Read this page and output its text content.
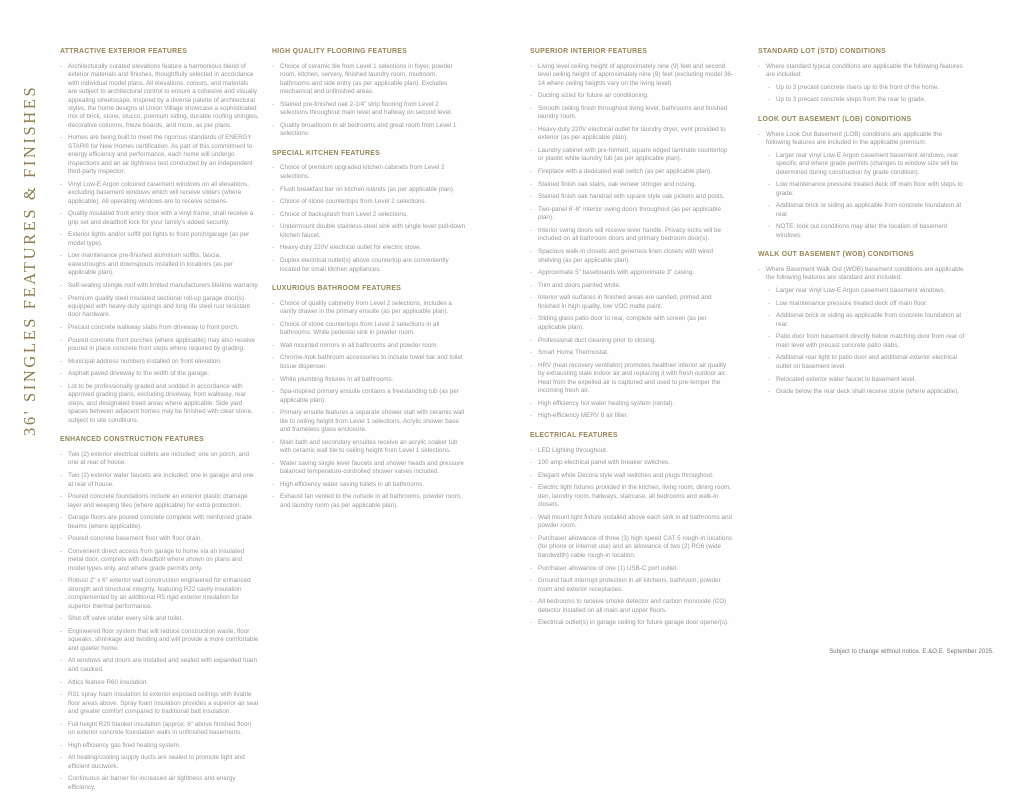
36' SINGLES FEATURES & FINISHES
ATTRACTIVE EXTERIOR FEATURES
- Architecturally curated elevations feature a harmonious blend of exterior materials and finishes, thoughtfully selected in accordance with individual model plans. All elevations, colours, and materials are subject to architectural control to ensure a cohesive and visually appealing streetscape. Inspired by a diverse palette of architectural styles, the home designs at Union Village showcase a sophisticated mix of brick, stone, stucco, premium siding, durable roofing shingles, decorative columns, frieze boards, and more, as per plans.
- Homes are being built to meet the rigorous standards of ENERGY STAR® for New Homes certification. As part of this commitment to energy efficiency and performance, each home will undergo inspections and an air tightness test conducted by an independent third-party inspector.
- Vinyl Low-E Argon coloured casement windows on all elevations, excluding basement windows which will receive sliders (where applicable). All operating windows are to receive screens.
- Quality insulated front entry door with a vinyl frame, shall receive a grip set and deadbolt lock for your family's added security.
- Exterior lights and/or soffit pot lights to front porch/garage (as per model type).
- Low maintenance pre-finished aluminum soffits, fascia, eavestroughs and downspouts installed in locations (as per applicable plan).
- Self-sealing shingle roof with limited manufacturers lifetime warranty.
- Premium quality steel insulated sectional roll-up garage door(s) equipped with heavy-duty springs and long life steel rust resistant door hardware.
- Precast concrete walkway slabs from driveway to front porch.
- Poured concrete front porches (where applicable) may also receive poured in place concrete front steps where required by grading.
- Municipal address numbers installed on front elevation.
- Asphalt paved driveway to the width of the garage.
- Lot to be professionally graded and sodded in accordance with approved grading plans, excluding driveway, front walkway, rear steps, and designated treed areas where applicable. Side yard spaces between adjacent homes may be finished with clear stone, subject to site conditions.
ENHANCED CONSTRUCTION FEATURES
- Two (2) exterior electrical outlets are included; one on porch, and one at rear of house.
- Two (2) exterior water faucets are included; one in garage and one at rear of house.
- Poured concrete foundations include an exterior plastic drainage layer and weeping tiles (where applicable) for extra protection.
- Garage floors are poured concrete complete with reinforced grade beams (where applicable).
- Poured concrete basement floor with floor drain.
- Convenient direct access from garage to home via an insulated metal door, complete with deadbolt where shown on plans and model types only, and where grade permits only.
- Robust 2" x 6" exterior wall construction engineered for enhanced strength and structural integrity, featuring R22 cavity insulation complemented by an additional R5 rigid exterior insulation for superior thermal performance.
- Shut off valve under every sink and toilet.
- Engineered floor system that will reduce construction waste, floor squeaks, shrinkage and twisting and will provide a more comfortable and quieter home.
- All windows and doors are installed and sealed with expanded foam and caulked.
- Attics feature R60 insulation.
- R31 spray foam insulation to exterior exposed ceilings with livable floor areas above. Spray foam insulation provides a superior air seal and greater comfort compared to traditional batt insulation.
- Full height R20 blanket insulation (approx. 6" above finished floor) on exterior concrete foundation walls in unfinished basements.
- High efficiency gas fired heating system.
- All heating/cooling supply ducts are sealed to promote tight and efficient ductwork.
- Continuous air barrier for increased air tightness and energy efficiency.
HIGH QUALITY FLOORING FEATURES
- Choice of ceramic tile from Level 1 selections in foyer, powder room, kitchen, servery, finished laundry room, mudroom, bathrooms and side entry (as per applicable plan). Excludes mechanical and unfinished areas.
- Stained pre-finished oak 2-1/4" strip flooring from Level 2 selections throughout main level and hallway on second level.
- Quality broadloom in all bedrooms and great room from Level 1 selections
SPECIAL KITCHEN FEATURES
- Choice of premium upgraded kitchen cabinets from Level 2 selections.
- Flush breakfast bar on kitchen islands (as per applicable plan).
- Choice of stone countertops from Level 2 selections.
- Choice of backsplash from Level 2 selections.
- Undermount double stainless-steel sink with single lever pull-down kitchen faucet.
- Heavy-duty 220V electrical outlet for electric stove.
- Duplex electrical outlet(s) above countertop are conveniently located for small kitchen appliances.
LUXURIOUS BATHROOM FEATURES
- Choice of quality cabinetry from Level 2 selections, includes a vanity drawer in the primary ensuite (as per applicable plan).
- Choice of stone countertops from Level 2 selections in all bathrooms. White pedestal sink in powder room.
- Wall mounted mirrors in all bathrooms and powder room.
- Chrome-look bathroom accessories to include towel bar and toilet tissue dispenser.
- White plumbing fixtures in all bathrooms.
- Spa-inspired primary ensuite contains a freestanding tub (as per applicable plan).
- Primary ensuite features a separate shower stall with ceramic wall tile to ceiling height from Level 1 selections. Acrylic shower base and frameless glass enclosure.
- Main bath and secondary ensuites receive an acrylic soaker tub with ceramic wall tile to ceiling height from Level 1 selections.
- Water saving single lever faucets and shower heads and pressure balanced temperature-controlled shower valves included.
- High efficiency water saving toilets in all bathrooms.
- Exhaust fan vented to the outside in all bathrooms, powder room, and laundry room (as per applicable plan).
SUPERIOR INTERIOR FEATURES
- Living level ceiling height of approximately nine (9) feet and second level ceiling height of approximately nine (9) feet (excluding model 36-14 where ceiling heights vary on the living level)
- Ducting sized for future air conditioning.
- Smooth ceiling finish throughout living level, bathrooms and finished laundry room.
- Heavy-duty 220V electrical outlet for laundry dryer, vent provided to exterior (as per applicable plan).
- Laundry cabinet with pre-formed, square edged laminate countertop or plastic white laundry tub (as per applicable plan).
- Fireplace with a dedicated wall switch (as per applicable plan).
- Stained finish oak stairs, oak veneer stringer and nosing.
- Stained finish oak handrail with square style oak pickets and posts.
- Two-panel 6'-8" interior swing doors throughout (as per applicable plan).
- Interior swing doors will receive lever handle. Privacy locks will be included on all bathroom doors and primary bedroom door(s).
- Spacious walk-in closets and generous linen closets with wired shelving (as per applicable plan).
- Approximate 5" baseboards with approximate 3" casing.
- Trim and doors painted white.
- Interior wall surfaces in finished areas are sanded, primed and finished in high quality, low VOC matte paint.
- Sliding glass patio door to rear, complete with screen (as per applicable plan).
- Professional duct cleaning prior to closing.
- Smart Home Thermostat.
- HRV (heat recovery ventilator) promotes healthier interior air quality by exhausting stale indoor air and replacing it with fresh outdoor air. Heat from the expelled air is captured and used to pre-temper the incoming fresh air.
- High efficiency hot water heating system (rental).
- High-efficiency MERV 8 air filter.
ELECTRICAL FEATURES
- LED Lighting throughout.
- 100 amp electrical panel with breaker switches.
- Elegant white Decora style wall switches and plugs throughout.
- Electric light fixtures provided in the kitchen, living room, dining room, den, laundry room, hallways, staircase, all bedrooms and walk-in closets.
- Wall mount light fixture installed above each sink in all bathrooms and powder room.
- Purchaser allowance of three (3) high speed CAT 5 rough-in locations (for phone or internet use) and an allowance of two (2) RG6 (wide bandwidth) cable rough-in location.
- Purchaser allowance of one (1) USB-C port outlet.
- Ground fault interrupt protection in all kitchens, bathroom, powder room and exterior receptacles.
- All bedrooms to receive smoke detector and carbon monoxide (CO) detector installed on all main and upper floors.
- Electrical outlet(s) in garage ceiling for future garage door opener(s).
STANDARD LOT (STD) CONDITIONS
- Where standard typical conditions are applicable the following features are included:
- Up to 3 precast concrete risers up to the front of the home.
- Up to 3 precast concrete steps from the rear to grade.
LOOK OUT BASEMENT (LOB) CONDITIONS
- Where Look Out Basement (LOB) conditions are applicable the following features are included in the applicable premium:
- Larger rear vinyl Low-E Argon casement basement windows, rear specific and where grade permits (changes to window size will be determined during construction by grade condition).
- Low maintenance pressure treated deck off main floor with steps to grade.
- Additional brick or siding as applicable from concrete foundation at rear.
- NOTE: look out conditions may alter the location of basement windows.
WALK OUT BASEMENT (WOB) CONDITIONS
- Where Basement Walk Out (WOB) basement conditions are applicable the following features are standard and included:
- Larger rear vinyl Low-E Argon casement basement windows.
- Low maintenance pressure treated deck off main floor.
- Additional brick or siding as applicable from concrete foundation at rear.
- Patio door from basement directly below matching door from rear of main level with precast concrete patio slabs.
- Additional rear light to patio door and additional exterior electrical outlet on basement level.
- Relocated exterior water faucet to basement level.
- Grade below the rear deck shall receive stone (where applicable).
Subject to change without notice. E.&O.E. September 2025.
